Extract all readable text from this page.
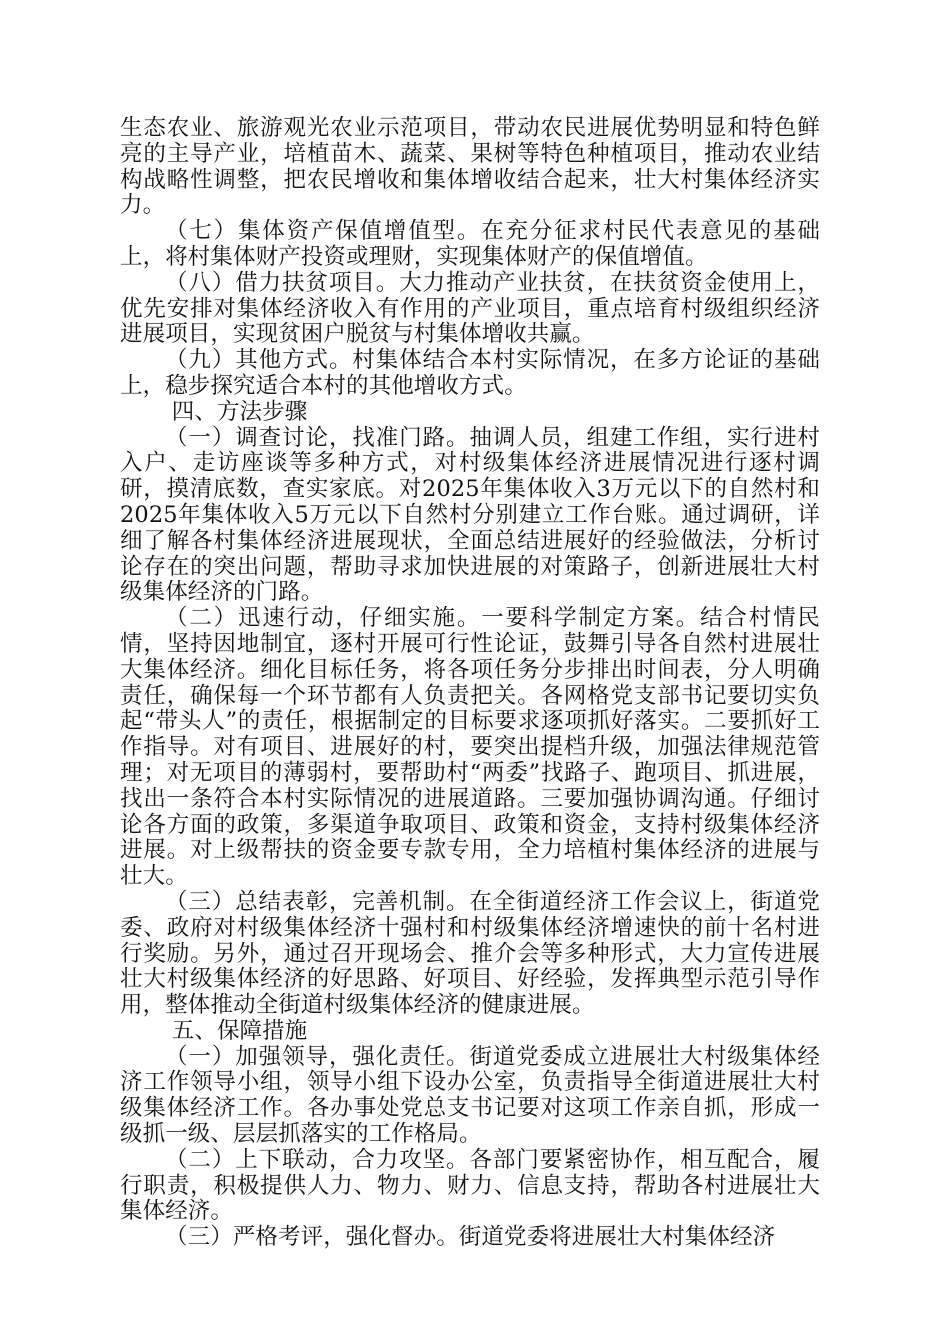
生态农业、旅游观光农业示范项目，带动农民进展优势明显和特色鲜亮的主导产业，培植苗木、蔬菜、果树等特色种植项目，推动农业结构战略性调整，把农民增收和集体增收结合起来，壮大村集体经济实力。

（七）集体资产保值增值型。在充分征求村民代表意见的基础上，将村集体财产投资或理财，实现集体财产的保值增值。

（八）借力扶贫项目。大力推动产业扶贫，在扶贫资金使用上，优先安排对集体经济收入有作用的产业项目，重点培育村级组织经济进展项目，实现贫困户脱贫与村集体增收共赢。

（九）其他方式。村集体结合本村实际情况，在多方论证的基础上，稳步探究适合本村的其他增收方式。

四、方法步骤

（一）调查讨论，找准门路。抽调人员，组建工作组，实行进村入户、走访座谈等多种方式，对村级集体经济进展情况进行逐村调研，摸清底数，查实家底。对2025年集体收入3万元以下的自然村和2025年集体收入5万元以下自然村分别建立工作台账。通过调研，详细了解各村集体经济进展现状，全面总结进展好的经验做法，分析讨论存在的突出问题，帮助寻求加快进展的对策路子，创新进展壮大村级集体经济的门路。

（二）迅速行动，仔细实施。一要科学制定方案。结合村情民情，坚持因地制宜，逐村开展可行性论证，鼓舞引导各自然村进展壮大集体经济。细化目标任务，将各项任务分步排出时间表，分人明确责任，确保每一个环节都有人负责把关。各网格党支部书记要切实负起“带头人”的责任，根据制定的目标要求逐项抓好落实。二要抓好工作指导。对有项目、进展好的村，要突出提档升级，加强法律规范管理；对无项目的薄弱村，要帮助村“两委”找路子、跑项目、抓进展，找出一条符合本村实际情况的进展道路。三要加强协调沟通。仔细讨论各方面的政策，多渠道争取项目、政策和资金，支持村级集体经济进展。对上级帮扶的资金要专款专用，全力培植村集体经济的进展与壮大。

（三）总结表彰，完善机制。在全街道经济工作会议上，街道党委、政府对村级集体经济十强村和村级集体经济增速快的前十名村进行奖励。另外，通过召开现场会、推介会等多种形式，大力宣传进展壮大村级集体经济的好思路、好项目、好经验，发挥典型示范引导作用，整体推动全街道村级集体经济的健康进展。

五、保障措施

（一）加强领导，强化责任。街道党委成立进展壮大村级集体经济工作领导小组，领导小组下设办公室，负责指导全街道进展壮大村级集体经济工作。各办事处党总支书记要对这项工作亲自抓，形成一级抓一级、层层抓落实的工作格局。

（二）上下联动，合力攻坚。各部门要紧密协作，相互配合，履行职责，积极提供人力、物力、财力、信息支持，帮助各村进展壮大集体经济。

（三）严格考评，强化督办。街道党委将进展壮大村集体经济
